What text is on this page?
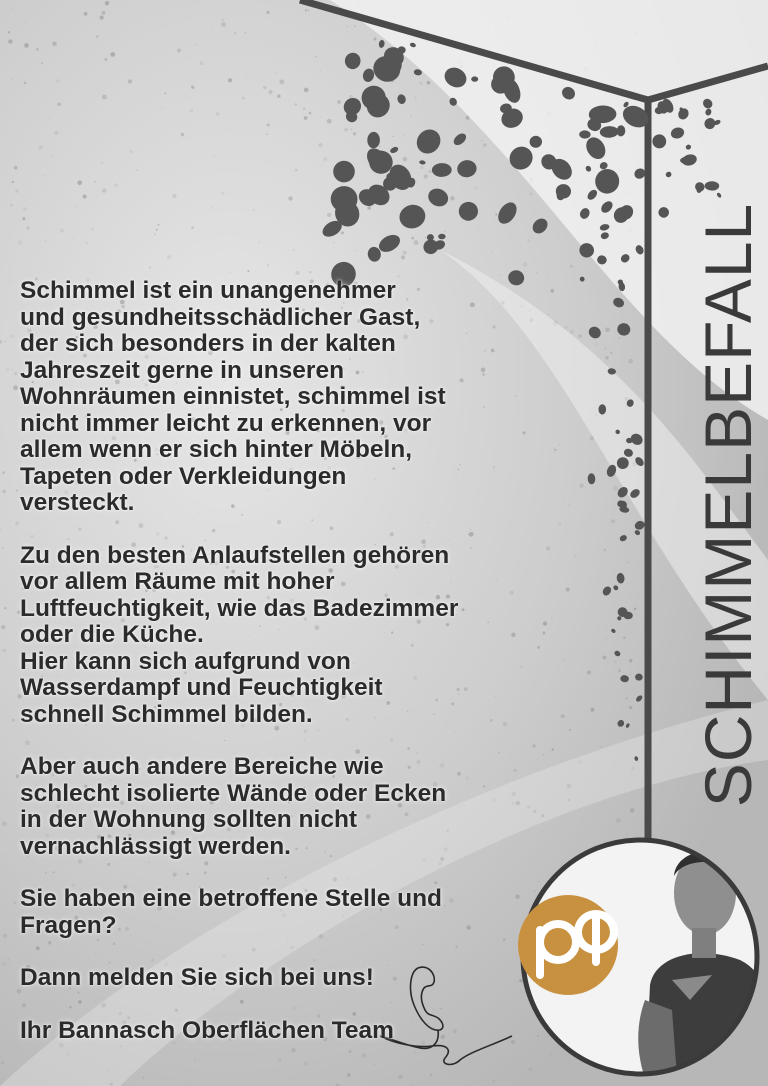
Schimmel ist ein unangenehmer
und gesundheitsschädlicher Gast,
der sich besonders in der kalten
Jahreszeit gerne in unseren
Wohnräumen einnistet, schimmel ist
nicht immer leicht zu erkennen, vor
allem wenn er sich hinter Möbeln,
Tapeten oder Verkleidungen
versteckt.
Zu den besten Anlaufstellen gehören
vor allem Räume mit hoher
Luftfeuchtigkeit, wie das Badezimmer
oder die Küche.
Hier kann sich aufgrund von
Wasserdampf und Feuchtigkeit
schnell Schimmel bilden.
Aber auch andere Bereiche wie
schlecht isolierte Wände oder Ecken
in der Wohnung sollten nicht
vernachlässigt werden.
Sie haben eine betroffene Stelle und
Fragen?
Dann melden Sie sich bei uns!
Ihr Bannasch Oberflächen Team
SCHIMMELBEFALL
